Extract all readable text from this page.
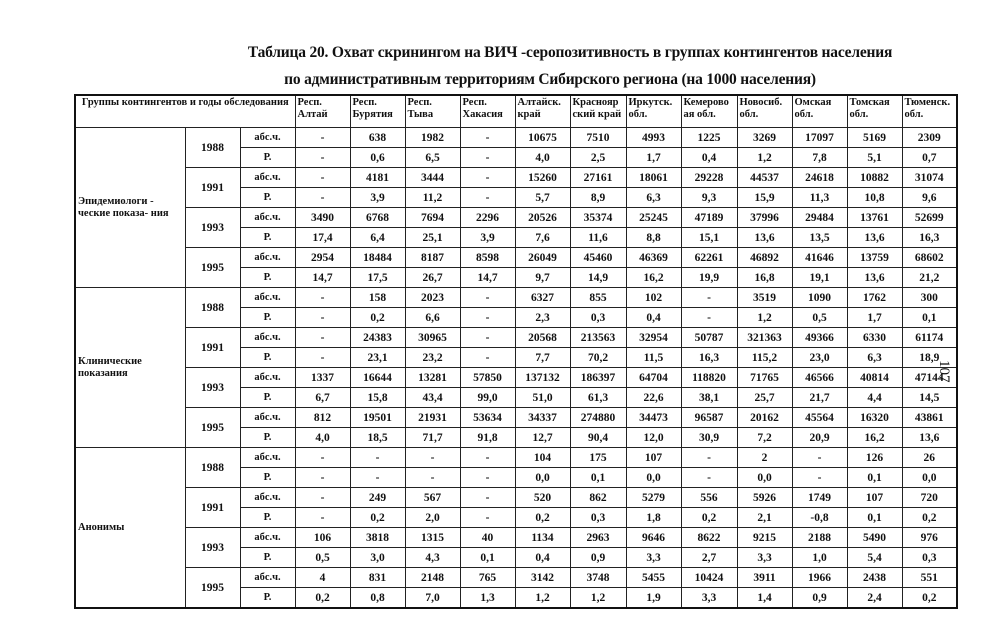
Таблица 20. Охват скринингом на ВИЧ -серопозитивность в группах контингентов населения
по административным территориям Сибирского региона (на 1000 населения)
Группы контингентов и годы обследования			Респ. Алтай	Респ. Бурятия	Респ. Тыва	Респ. Хакасия	Алтайск. край	Краснояр ский край	Иркутск. обл.	Кемерово ая обл.	Новосиб. обл.	Омская обл.	Томская обл.	Тюменск. обл.
Эпидемиологи - ческие показа- ния	1988	абс.ч.	-	638	1982	-	10675	7510	4993	1225	3269	17097	5169	2309
		Р.	-	0,6	6,5	-	4,0	2,5	1,7	0,4	1,2	7,8	5,1	0,7
	1991	абс.ч.	-	4181	3444	-	15260	27161	18061	29228	44537	24618	10882	31074
		Р.	-	3,9	11,2	-	5,7	8,9	6,3	9,3	15,9	11,3	10,8	9,6
	1993	абс.ч.	3490	6768	7694	2296	20526	35374	25245	47189	37996	29484	13761	52699
		Р.	17,4	6,4	25,1	3,9	7,6	11,6	8,8	15,1	13,6	13,5	13,6	16,3
	1995	абс.ч.	2954	18484	8187	8598	26049	45460	46369	62261	46892	41646	13759	68602
		Р.	14,7	17,5	26,7	14,7	9,7	14,9	16,2	19,9	16,8	19,1	13,6	21,2
Клинические показания	1988	абс.ч.	-	158	2023	-	6327	855	102	-	3519	1090	1762	300
		Р.	-	0,2	6,6	-	2,3	0,3	0,4	-	1,2	0,5	1,7	0,1
	1991	абс.ч.	-	24383	30965	-	20568	213563	32954	50787	321363	49366	6330	61174
		Р.	-	23,1	23,2	-	7,7	70,2	11,5	16,3	115,2	23,0	6,3	18,9
	1993	абс.ч.	1337	16644	13281	57850	137132	186397	64704	118820	71765	46566	40814	47144
		Р.	6,7	15,8	43,4	99,0	51,0	61,3	22,6	38,1	25,7	21,7	4,4	14,5
	1995	абс.ч.	812	19501	21931	53634	34337	274880	34473	96587	20162	45564	16320	43861
		Р.	4,0	18,5	71,7	91,8	12,7	90,4	12,0	30,9	7,2	20,9	16,2	13,6
Анонимы	1988	абс.ч.	-	-	-	-	104	175	107	-	2	-	126	26
		Р.	-	-	-	-	0,0	0,1	0,0	-	0,0	-	0,1	0,0
	1991	абс.ч.	-	249	567	-	520	862	5279	556	5926	1749	107	720
		Р.	-	0,2	2,0	-	0,2	0,3	1,8	0,2	2,1	-0,8	0,1	0,2
	1993	абс.ч.	106	3818	1315	40	1134	2963	9646	8622	9215	2188	5490	976
		Р.	0,5	3,0	4,3	0,1	0,4	0,9	3,3	2,7	3,3	1,0	5,4	0,3
	1995	абс.ч.	4	831	2148	765	3142	3748	5455	10424	3911	1966	2438	551
		Р.	0,2	0,8	7,0	1,3	1,2	1,2	1,9	3,3	1,4	0,9	2,4	0,2
107
